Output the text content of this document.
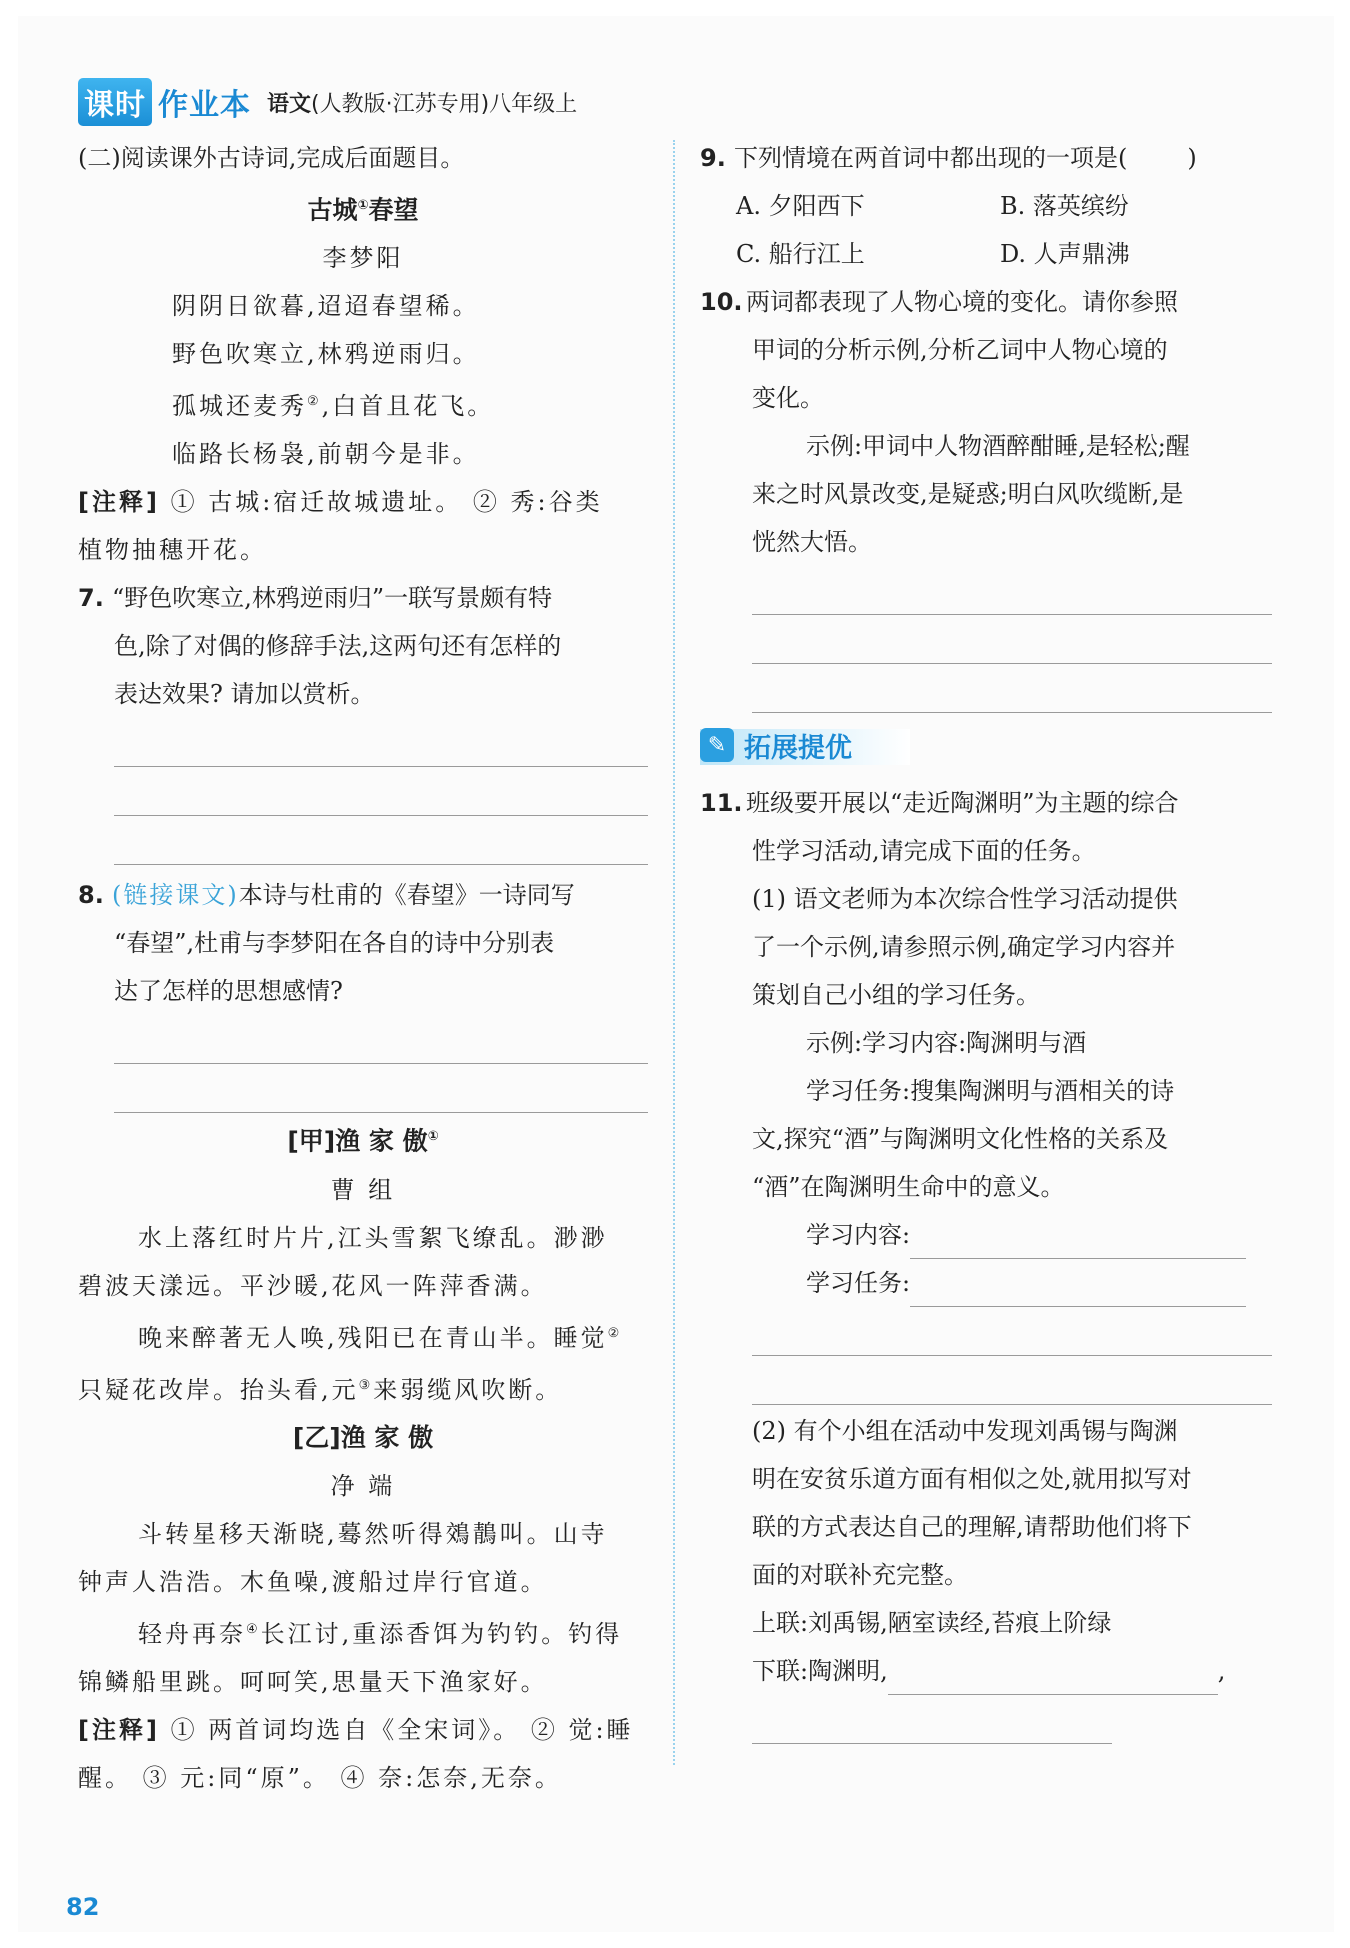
课时 作业本 语文(人教版·江苏专用)八年级上

(二)阅读课外古诗词,完成后面题目。

古城①春望

李梦阳

阴阴日欲暮,迢迢春望稀。

野色吹寒立,林鸦逆雨归。

孤城还麦秀②,白首且花飞。

临路长杨袅,前朝今是非。

[注释] ① 古城:宿迁故城遗址。 ② 秀:谷类

植物抽穗开花。

7. “野色吹寒立,林鸦逆雨归”一联写景颇有特

色,除了对偶的修辞手法,这两句还有怎样的

表达效果? 请加以赏析。

8. (链接课文)本诗与杜甫的《春望》一诗同写

“春望”,杜甫与李梦阳在各自的诗中分别表

达了怎样的思想感情?

[甲]渔 家 傲①

曹 组

水上落红时片片,江头雪絮飞缭乱。渺渺

碧波天漾远。平沙暖,花风一阵萍香满。

晚来醉著无人唤,残阳已在青山半。睡觉②

只疑花改岸。抬头看,元③来弱缆风吹断。

[乙]渔 家 傲

净 端

斗转星移天渐晓,蓦然听得鵁鶄叫。山寺

钟声人浩浩。木鱼噪,渡船过岸行官道。

轻舟再奈④长江讨,重添香饵为钓钓。钓得

锦鳞船里跳。呵呵笑,思量天下渔家好。

[注释] ① 两首词均选自《全宋词》。 ② 觉:睡

醒。 ③ 元:同“原”。 ④ 奈:怎奈,无奈。

9. 下列情境在两首词中都出现的一项是(	)

A. 夕阳西下	B. 落英缤纷
C. 船行江上	D. 人声鼎沸

10. 两词都表现了人物心境的变化。请你参照

甲词的分析示例,分析乙词中人物心境的

变化。

示例:甲词中人物酒醉酣睡,是轻松;醒

来之时风景改变,是疑惑;明白风吹缆断,是

恍然大悟。

✎ 拓展提优

11. 班级要开展以“走近陶渊明”为主题的综合

性学习活动,请完成下面的任务。

(1) 语文老师为本次综合性学习活动提供

了一个示例,请参照示例,确定学习内容并

策划自己小组的学习任务。

示例:学习内容:陶渊明与酒

学习任务:搜集陶渊明与酒相关的诗

文,探究“酒”与陶渊明文化性格的关系及

“酒”在陶渊明生命中的意义。

学习内容:

学习任务:

(2) 有个小组在活动中发现刘禹锡与陶渊

明在安贫乐道方面有相似之处,就用拟写对

联的方式表达自己的理解,请帮助他们将下

面的对联补充完整。

上联:刘禹锡,陋室读经,苔痕上阶绿

下联:陶渊明,	,

82
